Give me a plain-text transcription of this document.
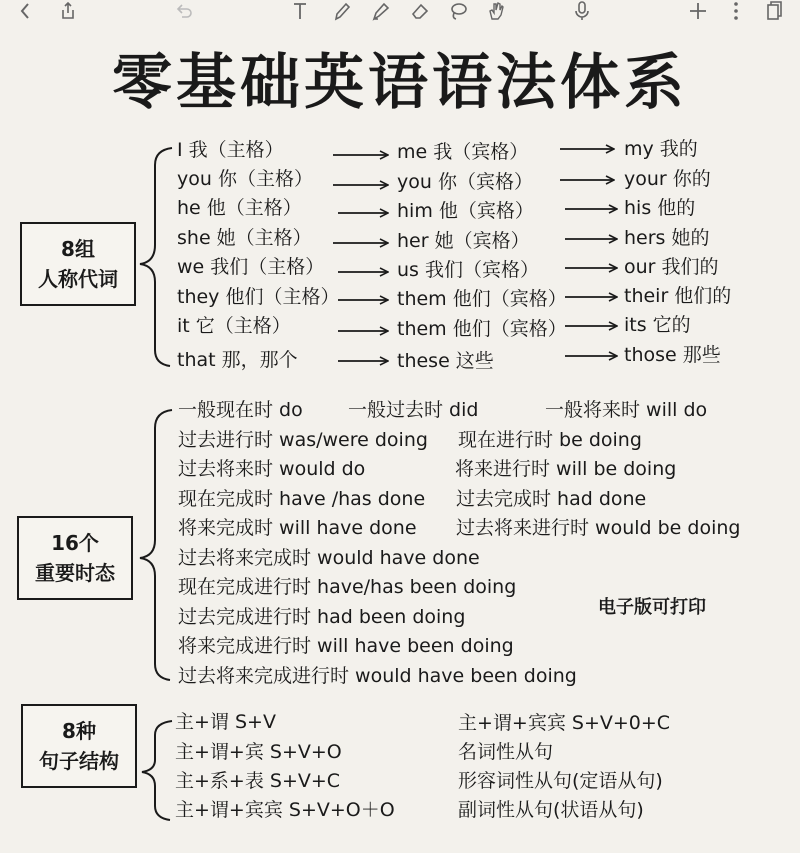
零基础英语语法体系
8组
人称代词
I 我（主格）
you 你（主格）
he 他（主格）
she 她（主格）
we 我们（主格）
they 他们（主格）
it 它（主格）
that 那，那个
me 我（宾格）
you 你（宾格）
him 他（宾格）
her 她（宾格）
us 我们（宾格）
them 他们（宾格）
them 他们（宾格）
these 这些
my 我的
your 你的
his 他的
hers 她的
our 我们的
their 他们的
its 它的
those 那些
16个
重要时态
一般现在时 do 一般过去时 did	一般将来时 will do
过去进行时 was/were doing 现在进行时 be doing
过去将来时 would do	将来进行时 will be doing
现在完成时 have /has done 过去完成时 had done
将来完成时 will have done 过去将来进行时 would be doing
过去将来完成时 would have done
现在完成进行时 have/has been doing
过去完成进行时 had been doing
将来完成进行时 will have been doing
过去将来完成进行时 would have been doing
电子版可打印
8种
句子结构
主+谓 S+V
主+谓+宾 S+V+O
主+系+表 S+V+C
主+谓+宾宾 S+V+O＋O
主+谓+宾宾 S+V+0+C
名词性从句
形容词性从句(定语从句)
副词性从句(状语从句)
